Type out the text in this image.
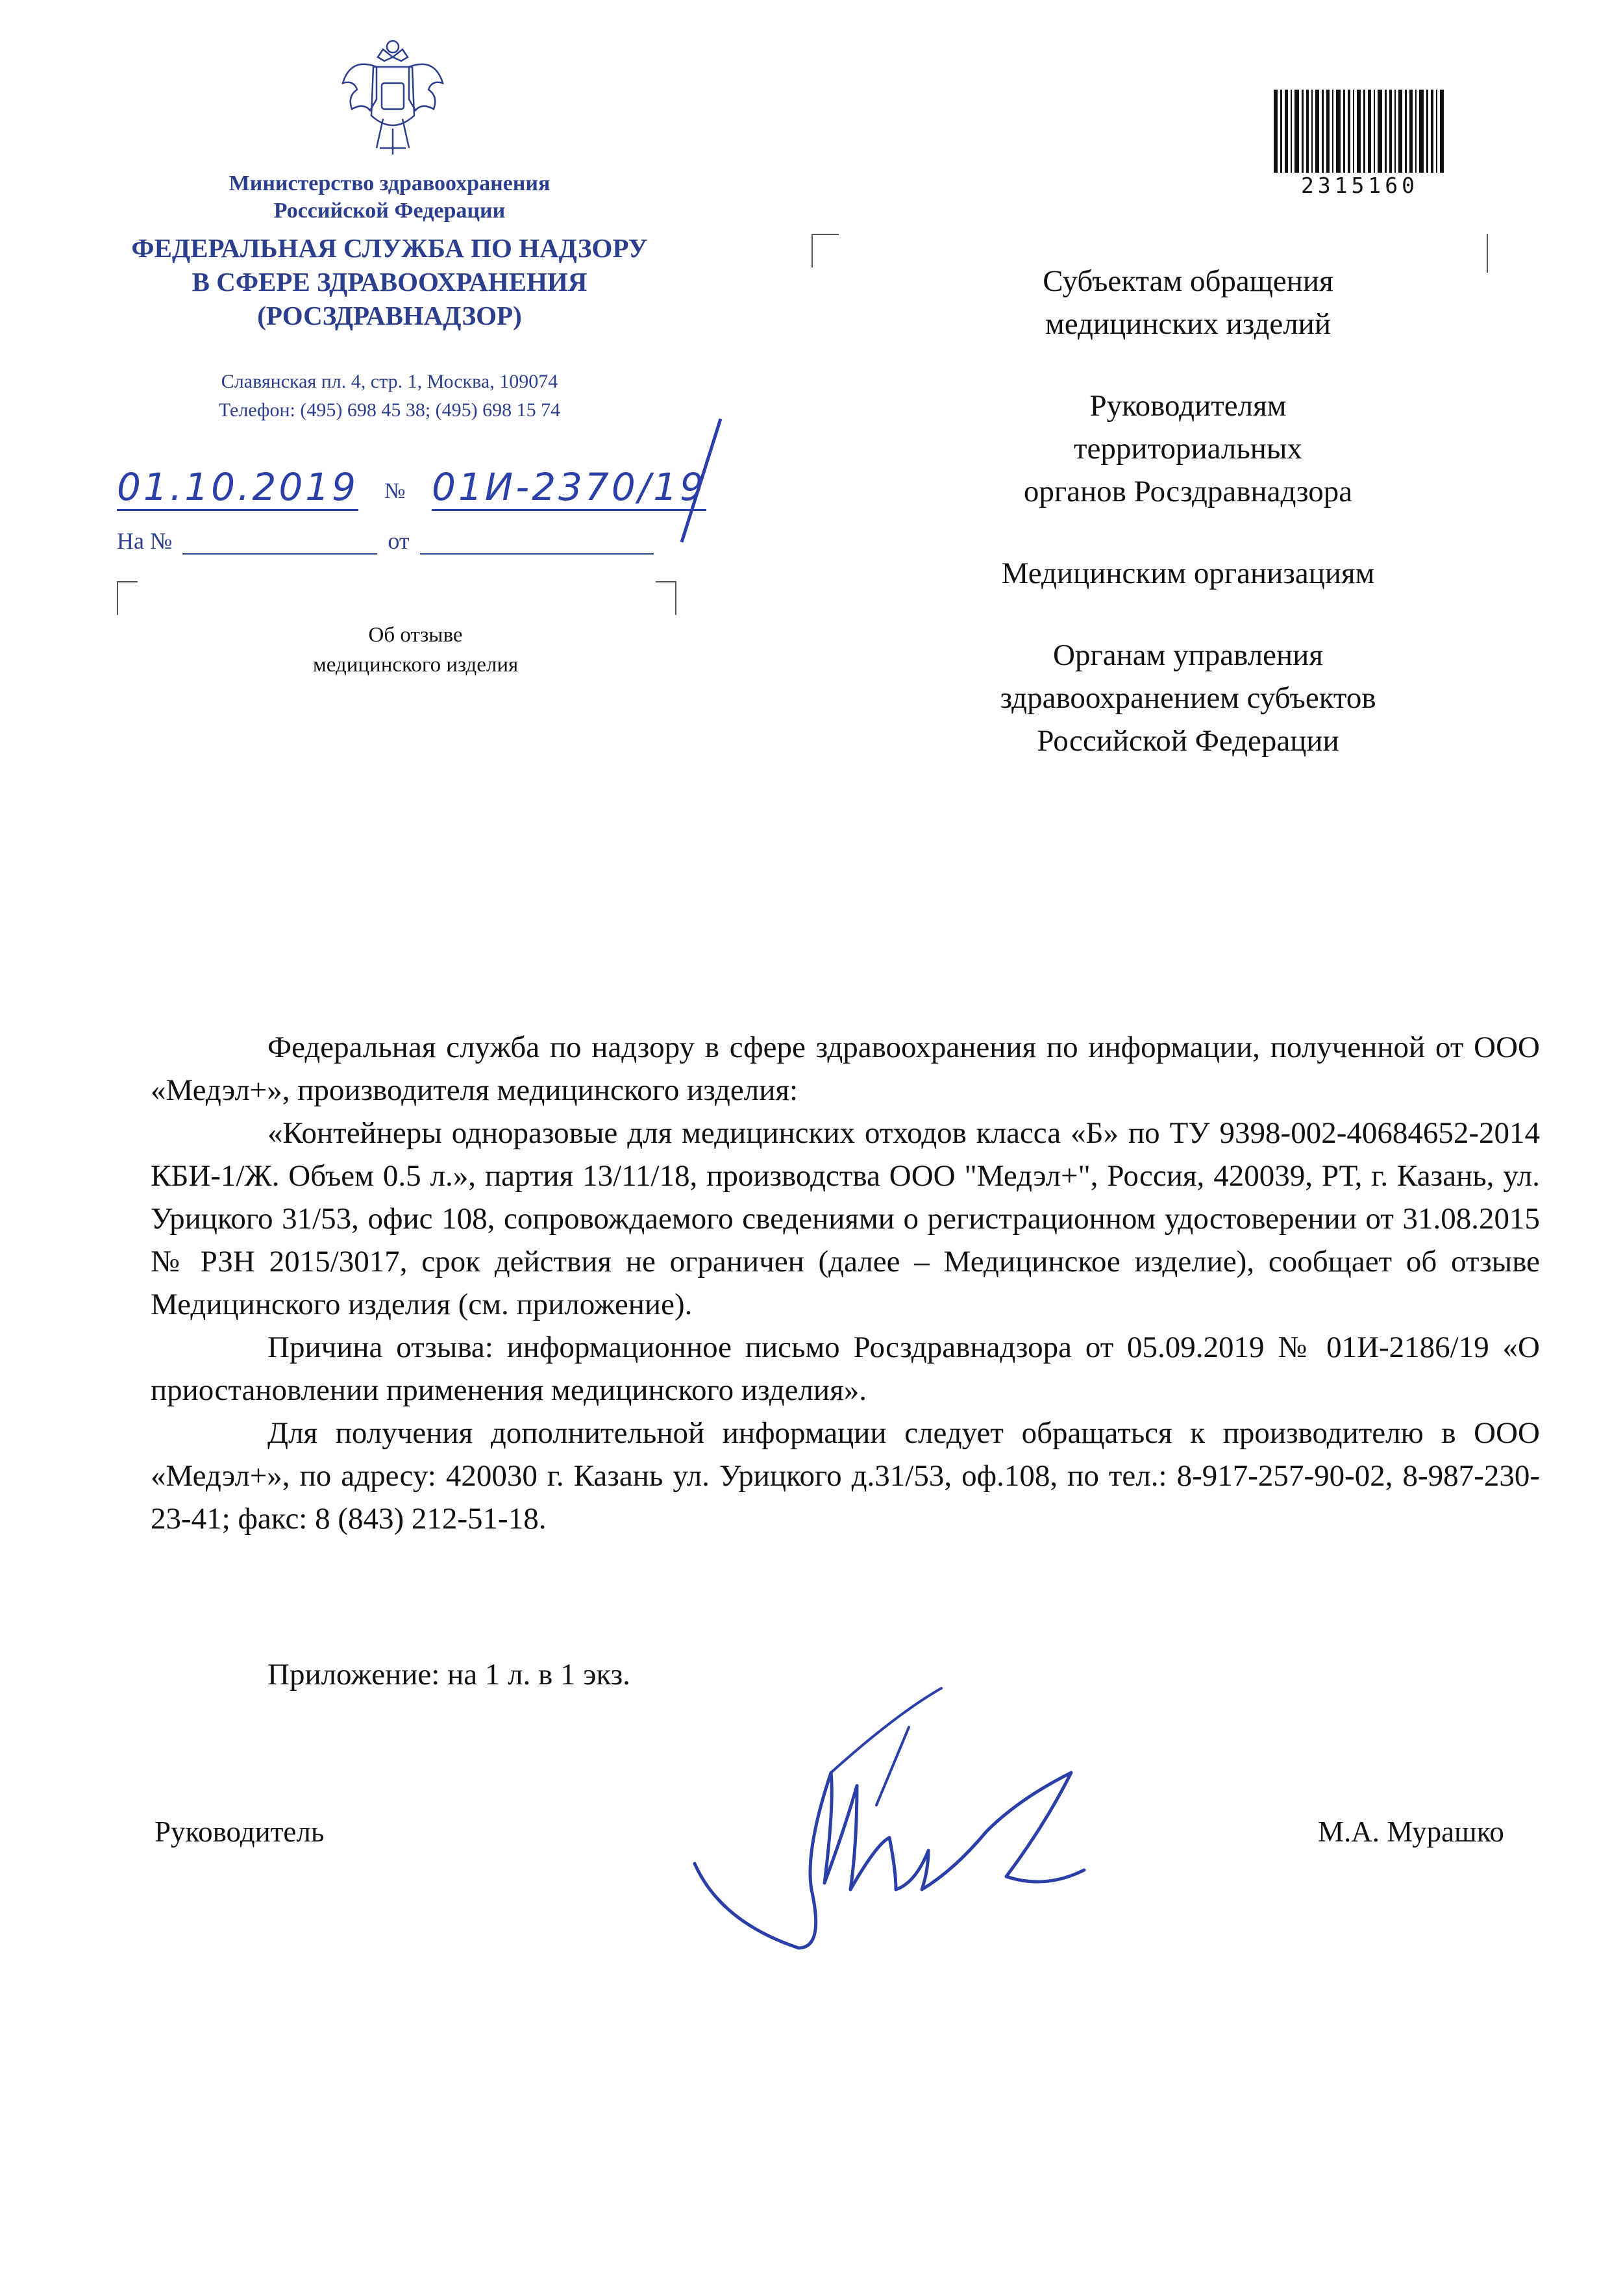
Министерство здравоохранения
Российской Федерации
ФЕДЕРАЛЬНАЯ СЛУЖБА ПО НАДЗОРУ
В СФЕРЕ ЗДРАВООХРАНЕНИЯ
(РОСЗДРАВНАДЗОР)
Славянская пл. 4, стр. 1, Москва, 109074
Телефон: (495) 698 45 38; (495) 698 15 74
01.10.2019 № 01И-2370/19
На №	от
Об отзыве
медицинского изделия
2315160
Субъектам обращения
медицинских изделий
Руководителям
территориальных
органов Росздравнадзора
Медицинским организациям
Органам управления
здравоохранением субъектов
Российской Федерации

Федеральная служба по надзору в сфере здравоохранения по информации, полученной от ООО «Медэл+», производителя медицинского изделия:

«Контейнеры одноразовые для медицинских отходов класса «Б» по ТУ 9398-002-40684652-2014 КБИ-1/Ж. Объем 0.5 л.», партия 13/11/18, производства ООО "Медэл+", Россия, 420039, РТ, г. Казань, ул. Урицкого 31/53, офис 108, сопровождаемого сведениями о регистрационном удостоверении от 31.08.2015 № РЗН 2015/3017, срок действия не ограничен (далее – Медицинское изделие), сообщает об отзыве Медицинского изделия (см. приложение).

Причина отзыва: информационное письмо Росздравнадзора от 05.09.2019 № 01И-2186/19 «О приостановлении применения медицинского изделия».

Для получения дополнительной информации следует обращаться к производителю в ООО «Медэл+», по адресу: 420030 г. Казань ул. Урицкого д.31/53, оф.108, по тел.: 8-917-257-90-02, 8-987-230-23-41; факс: 8 (843) 212-51-18.

Приложение: на 1 л. в 1 экз.
Руководитель	М.А. Мурашко
